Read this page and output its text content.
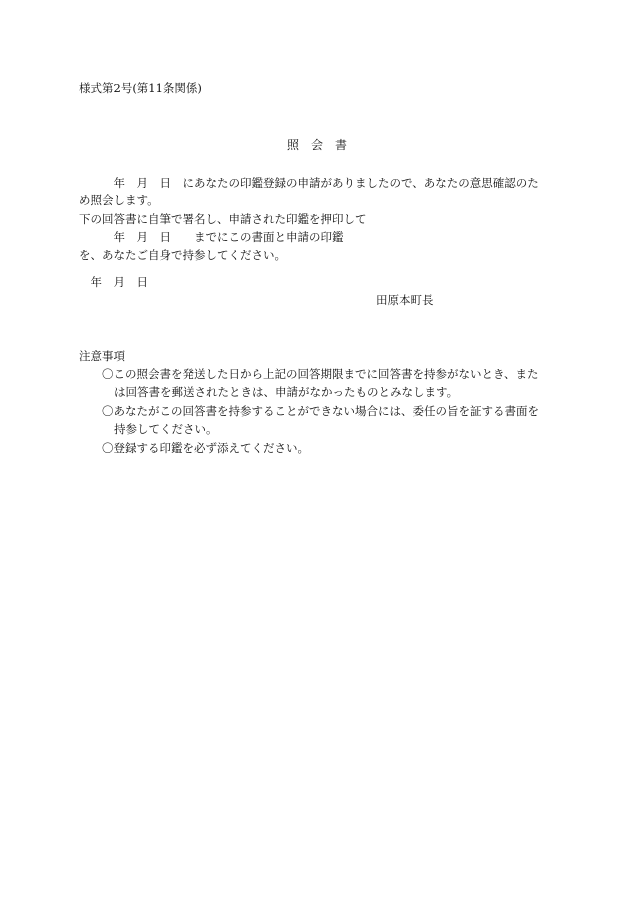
様式第2号(第11条関係)
照　会　書
　　　年　月　日　にあなたの印鑑登録の申請がありましたので、あなたの意思確認のた
め照会します。
下の回答書に自筆で署名し、申請された印鑑を押印して
　　　年　月　日　　までにこの書面と申請の印鑑
を、あなたご自身で持参してください。
　年　月　日
田原本町長
注意事項
〇この照会書を発送した日から上記の回答期限までに回答書を持参がないとき、また
は回答書を郵送されたときは、申請がなかったものとみなします。
〇あなたがこの回答書を持参することができない場合には、委任の旨を証する書面を
持参してください。
〇登録する印鑑を必ず添えてください。
